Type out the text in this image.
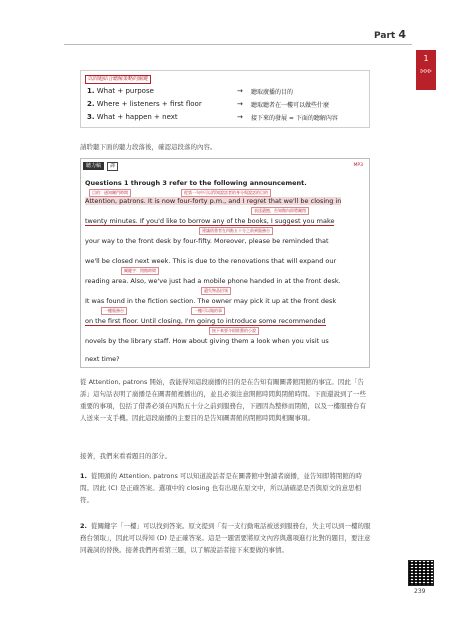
Part 4
1
ᐅᐅᐅ
以問題結合聽解策略的關鍵
1. What + purpose	→ 聽取廣播的目的
2. Where + listeners + first floor	→ 聽取聽者在一樓可以做些什麼
3. What + happen + next	→ 接下來的發展 = 下面的聽解內容
請聆聽下面的聽力段落後，確認這段落的內容。
聽力稿	譯	MP3
Questions 1 through 3 refer to the following announcement.
目的：通知關門時間	從第一句中可以得知說話者的身分與說話的目的
Attention, patrons. It is now four-forty p.m., and I regret that we'll be closing in
表達遺憾，告知館內即將關閉
twenty minutes. If you'd like to borrow any of the books, I suggest you make
建議借書者在四點五十分之前到服務台
your way to the front desk by four-fifty. Moreover, please be reminded that
we'll be closed next week. This is due to the renovations that will expand our
關鍵字：閉館時間
reading area. Also, we've just had a mobile phone handed in at the front desk.
遺失物品招領
It was found in the fiction section. The owner may pick it up at the front desk
一樓服務台	一樓可以做的事
on the first floor. Until closing, I'm going to introduce some recommended
接下來要介紹推薦的小說
novels by the library staff. How about giving them a look when you visit us
next time?
從 Attention, patrons 開始，我能得知這段廣播的目的是在告知有關圖書館閉館的事宜。因此「告訴」這句話表明了廣播是在圖書館裡播出的，並且必須注意開館時間與閉館時間。下面還說到了一些重要的事項，包括了借書必須在四點五十分之前到服務台，下週因為整修而閉館，以及一樓服務台有人送來一支手機。因此這段廣播的主要目的是告知圖書館的閉館時間與相關事項。
接著，我們來看看題目的部分。
1. 從開頭的 Attention, patrons 可以知道說話者是在圖書館中對讀者廣播，並告知即將閉館的時間。因此 (C) 是正確答案。選項中的 closing 也有出現在原文中，所以請確認是否與原文的意思相符。
2. 從關鍵字「一樓」可以找到答案。原文提到「有一支行動電話被送到服務台，失主可以到一樓的服務台領取」，因此可以得知 (D) 是正確答案。這是一題需要將原文內容與選項進行比對的題目，要注意同義詞的替換。接著我們再看第三題，以了解說話者接下來要做的事情。
239
